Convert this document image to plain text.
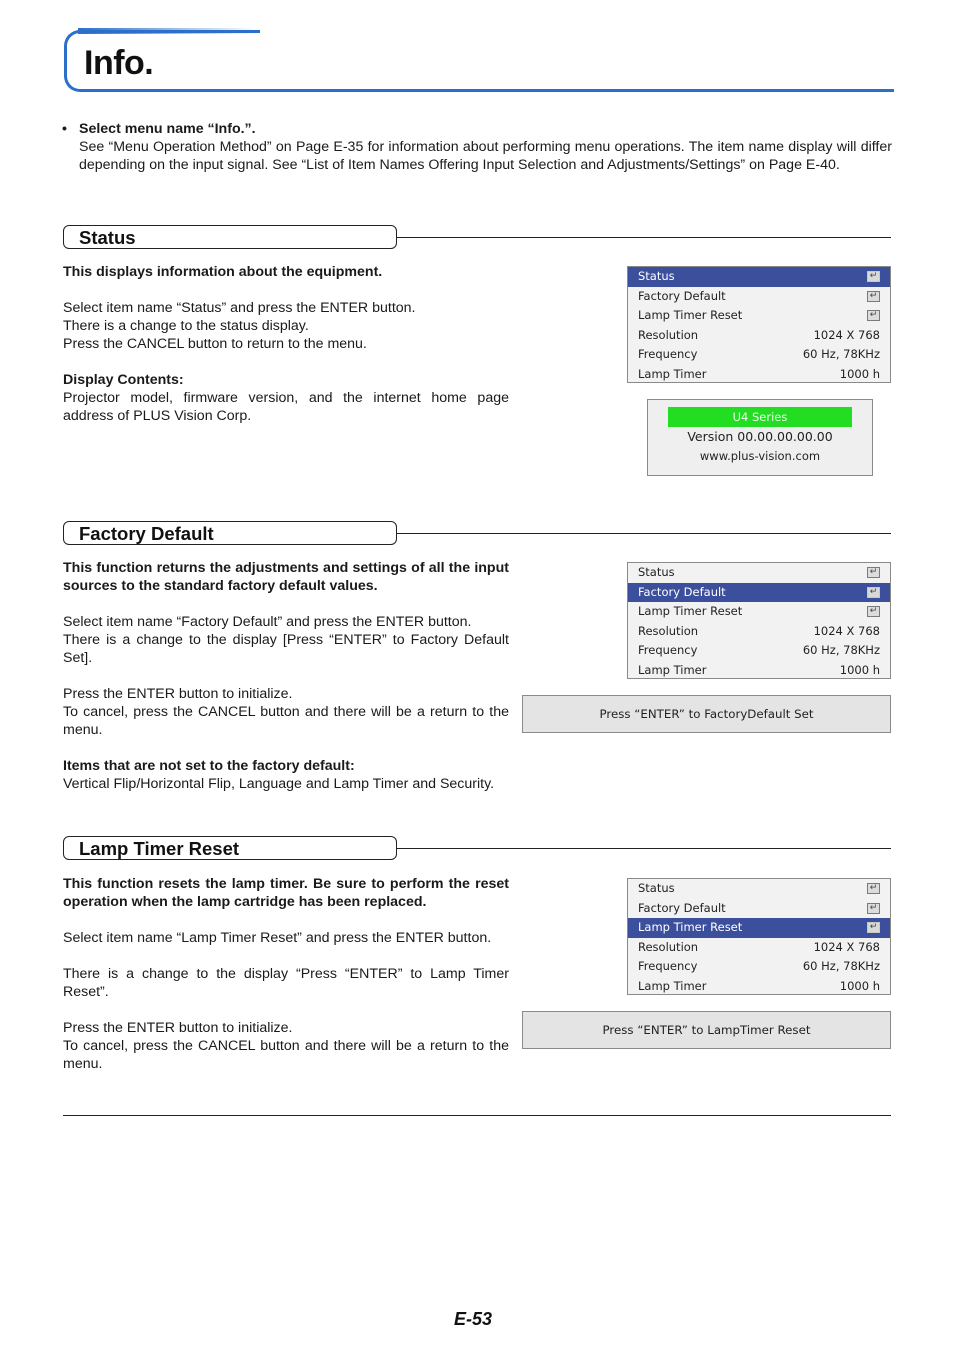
Info.
• Select menu name “Info.”.
See “Menu Operation Method” on Page E-35 for information about performing menu operations. The item name display will differ depending on the input signal. See “List of Item Names Offering Input Selection and Adjustments/Settings” on Page E-40.
Status

This displays information about the equipment.

Select item name “Status” and press the ENTER button.

There is a change to the status display.

Press the CANCEL button to return to the menu.

Display Contents:

Projector model, firmware version, and the internet home page address of PLUS Vision Corp.

Status	↵
Factory Default	↵
Lamp Timer Reset	↵
Resolution	1024 X 768
Frequency	60 Hz, 78KHz
Lamp Timer	1000 h
U4 Series
Version 00.00.00.00.00
www.plus-vision.com
Factory Default

This function returns the adjustments and settings of all the input sources to the standard factory default values.

Select item name “Factory Default” and press the ENTER button.

There is a change to the display [Press “ENTER” to Factory Default Set].

Press the ENTER button to initialize.

To cancel, press the CANCEL button and there will be a return to the menu.

Items that are not set to the factory default:

Vertical Flip/Horizontal Flip, Language and Lamp Timer and Security.

Status	↵
Factory Default	↵
Lamp Timer Reset	↵
Resolution	1024 X 768
Frequency	60 Hz, 78KHz
Lamp Timer	1000 h
Press “ENTER” to FactoryDefault Set
Lamp Timer Reset

This function resets the lamp timer. Be sure to perform the reset operation when the lamp cartridge has been replaced.

Select item name “Lamp Timer Reset” and press the ENTER button.

There is a change to the display “Press “ENTER” to Lamp Timer Reset”.

Press the ENTER button to initialize.

To cancel, press the CANCEL button and there will be a return to the menu.

Status	↵
Factory Default	↵
Lamp Timer Reset	↵
Resolution	1024 X 768
Frequency	60 Hz, 78KHz
Lamp Timer	1000 h
Press “ENTER” to LampTimer Reset
E-53
